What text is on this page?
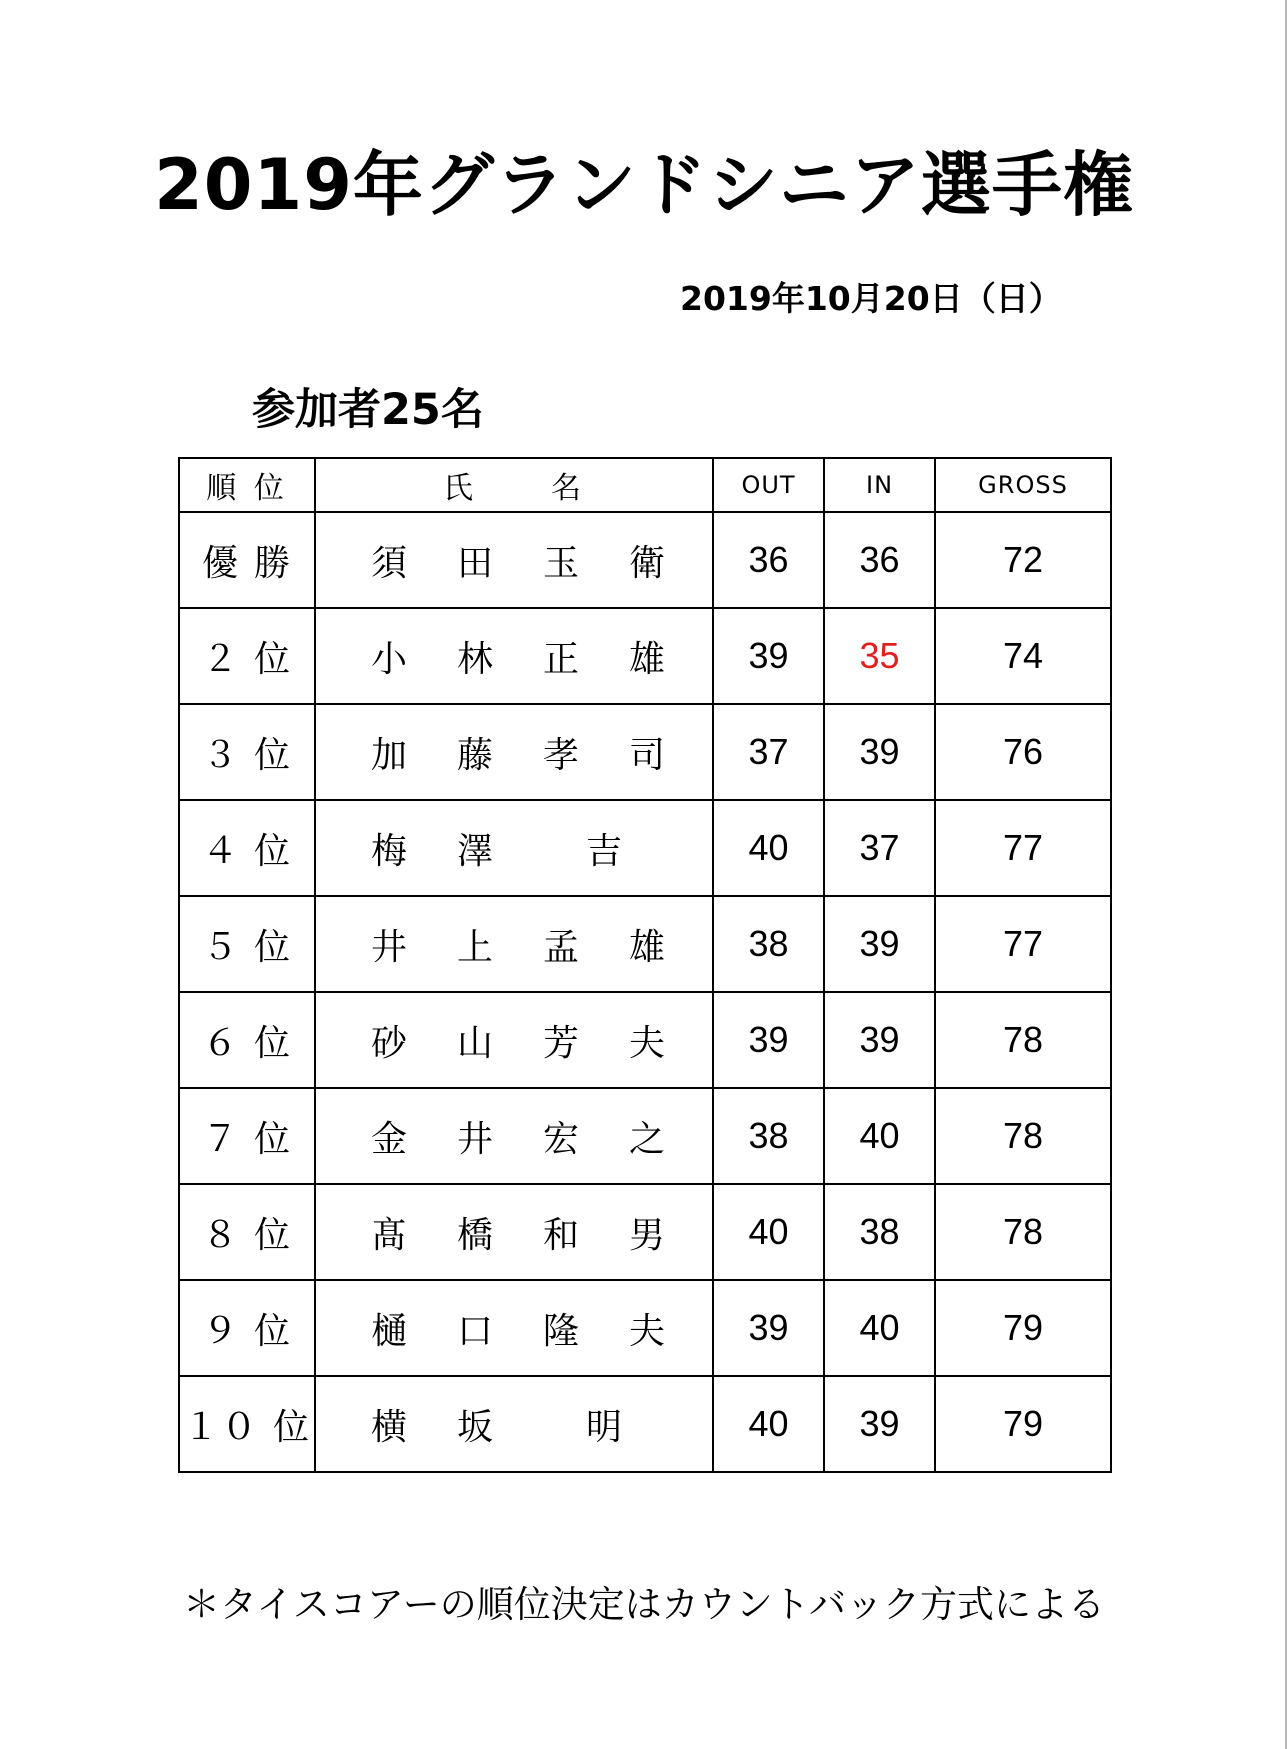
2019年グランドシニア選手権
2019年10月20日（日）
参加者25名
順 位	氏 名	OUT	IN	GROSS
優 勝	須 田 玉 衛	36	36	72
２ 位	小 林 正 雄	39	35	74
３ 位	加 藤 孝 司	37	39	76
４ 位	梅 澤 吉	40	37	77
５ 位	井 上 孟 雄	38	39	77
６ 位	砂 山 芳 夫	39	39	78
７ 位	金 井 宏 之	38	40	78
８ 位	髙 橋 和 男	40	38	78
９ 位	樋 口 隆 夫	39	40	79
１０ 位	横 坂 明	40	39	79
＊タイスコアーの順位決定はカウントバック方式による
